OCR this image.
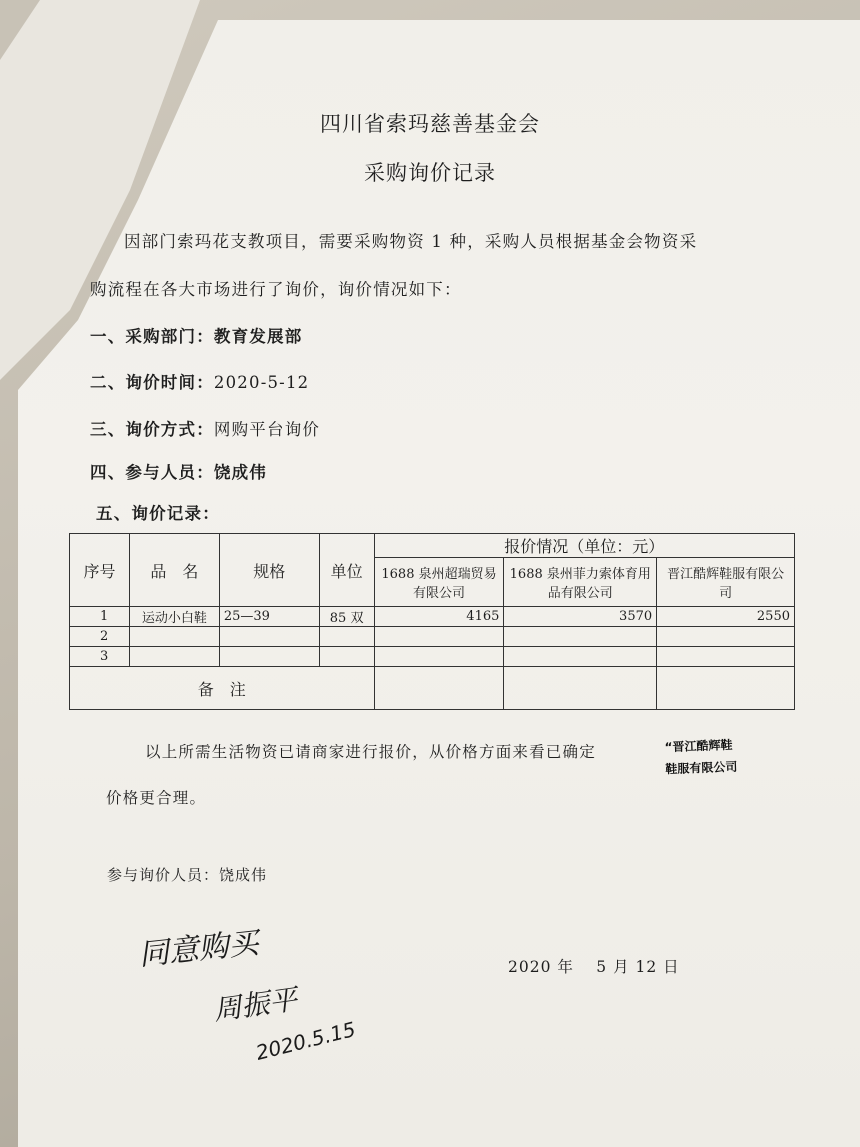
四川省索玛慈善基金会
采购询价记录
因部门索玛花支教项目，需要采购物资 1 种，采购人员根据基金会物资采
购流程在各大市场进行了询价，询价情况如下：
一、采购部门：教育发展部
二、询价时间：2020-5-12
三、询价方式：网购平台询价
四、参与人员：饶成伟
五、询价记录：
序号	品　名	规格	单位	报价情况（单位：元）		
				1688 泉州超瑞贸易有限公司	1688 泉州菲力索体育用品有限公司	晋江酷辉鞋服有限公司
1	运动小白鞋	25—39	85 双	4165	3570	2550
2						
3						
备　注						
以上所需生活物资已请商家进行报价，从价格方面来看已确定	“晋江酷辉鞋
鞋服有限公司
价格更合理。
参与询价人员：饶成伟
2020 年　 5 月 12 日
同意购买
周振平
2020.5.15
